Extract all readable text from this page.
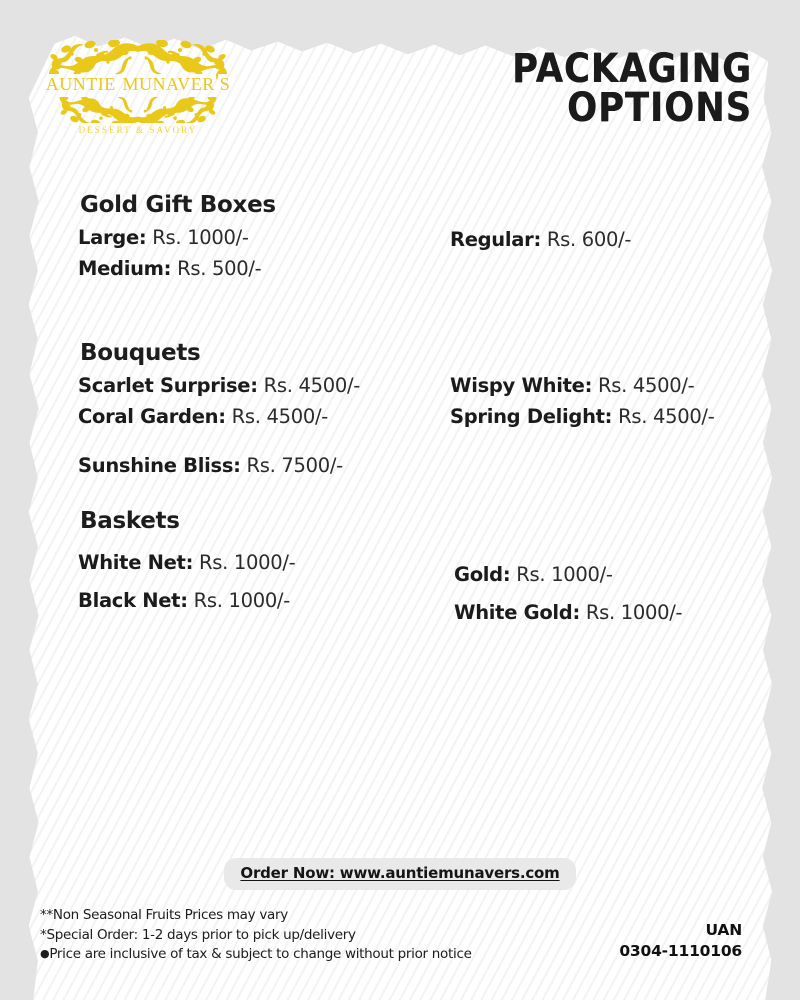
auntie munaver's
DESSERT & SAVORY
PACKAGING
OPTIONS
Gold Gift Boxes
Large: Rs. 1000/-
Medium: Rs. 500/-
Regular: Rs. 600/-
Bouquets
Scarlet Surprise: Rs. 4500/-
Coral Garden: Rs. 4500/-
Sunshine Bliss: Rs. 7500/-
Wispy White: Rs. 4500/-
Spring Delight: Rs. 4500/-
Baskets
White Net: Rs. 1000/-
Black Net: Rs. 1000/-
Gold: Rs. 1000/-
White Gold: Rs. 1000/-
Order Now: www.auntiemunavers.com
**Non Seasonal Fruits Prices may vary
*Special Order: 1-2 days prior to pick up/delivery
●Price are inclusive of tax & subject to change without prior notice
UAN
0304-1110106
